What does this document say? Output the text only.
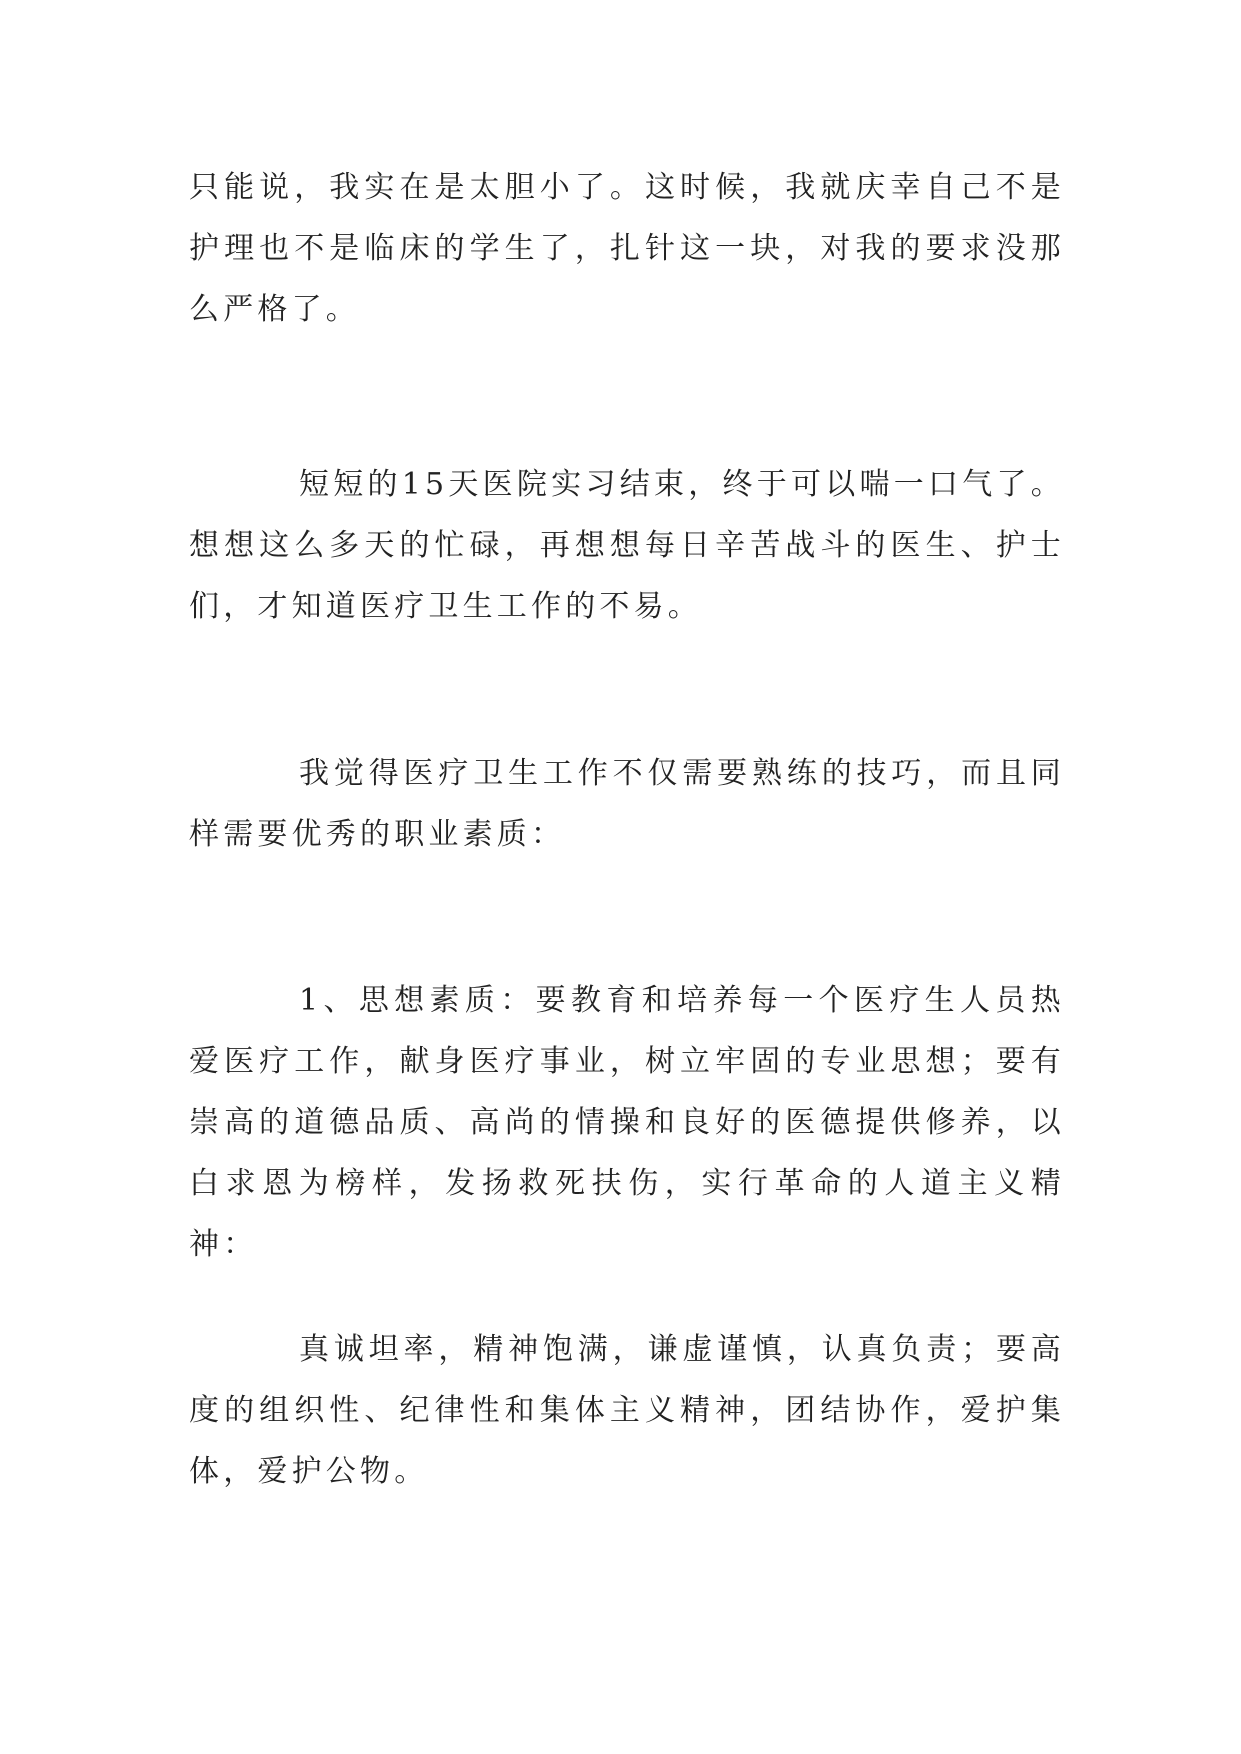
只能说，我实在是太胆小了。这时候，我就庆幸自己不是护理也不是临床的学生了，扎针这一块，对我的要求没那么严格了。

短短的15天医院实习结束，终于可以喘一口气了。想想这么多天的忙碌，再想想每日辛苦战斗的医生、护士们，才知道医疗卫生工作的不易。

我觉得医疗卫生工作不仅需要熟练的技巧，而且同样需要优秀的职业素质：

1、思想素质：要教育和培养每一个医疗生人员热爱医疗工作，献身医疗事业，树立牢固的专业思想；要有崇高的道德品质、高尚的情操和良好的医德提供修养，以白求恩为榜样，发扬救死扶伤，实行革命的人道主义精神：

真诚坦率，精神饱满，谦虚谨慎，认真负责；要高度的组织性、纪律性和集体主义精神，团结协作，爱护集体，爱护公物。
